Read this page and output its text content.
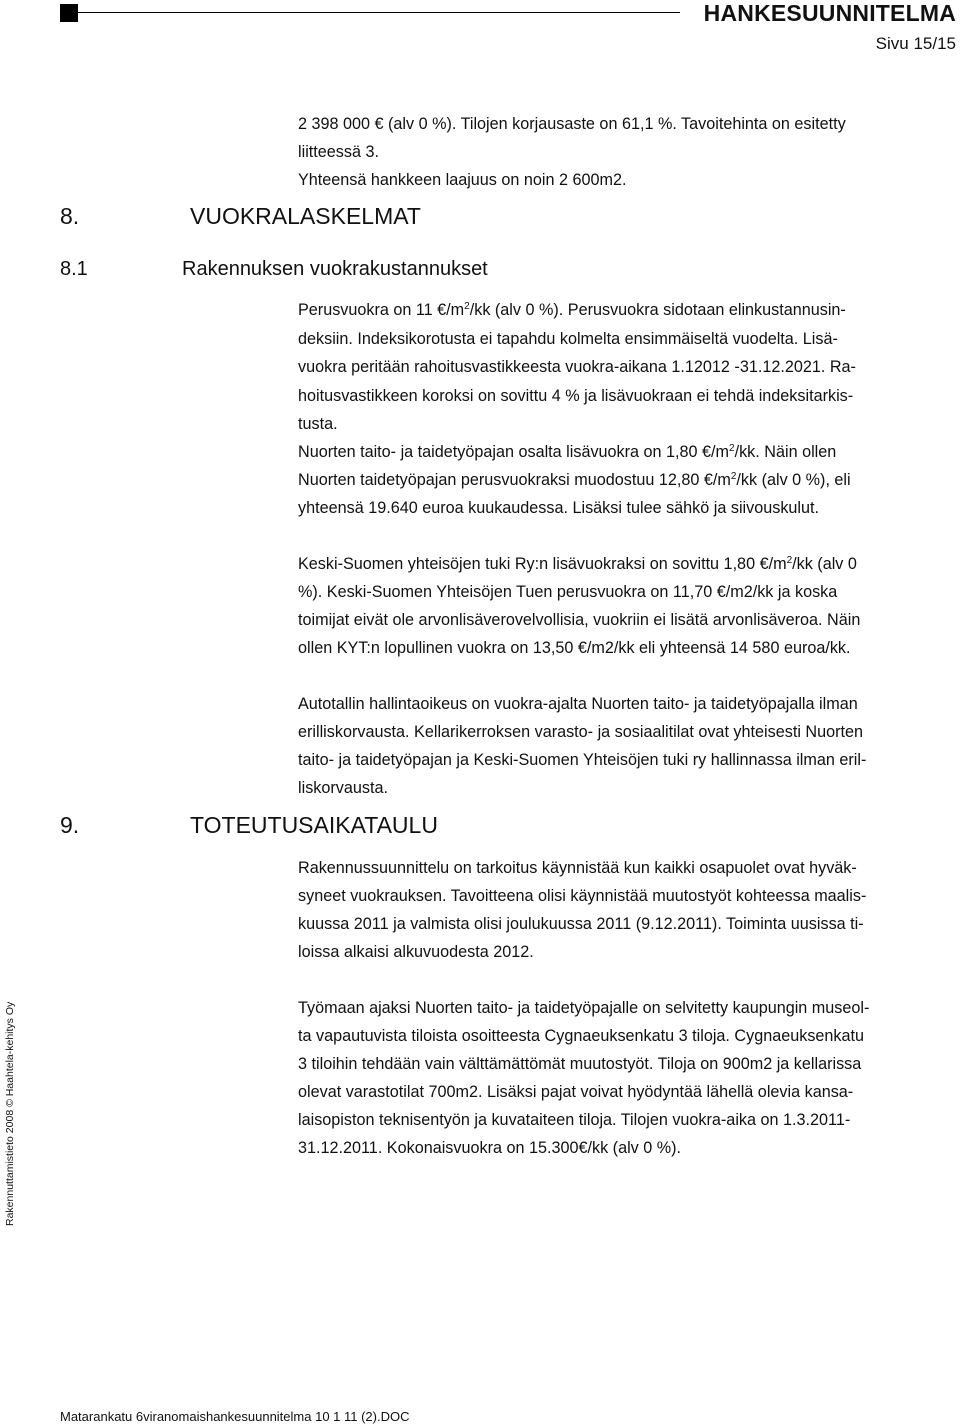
HANKESUUNNITELMA
Sivu 15/15
Rakennuttamistieto 2008 © Haahtela-kehitys Oy
2 398 000 € (alv 0 %). Tilojen korjausaste on 61,1 %. Tavoitehinta on esitetty
liitteessä 3.
Yhteensä hankkeen laajuus on noin 2 600m2.
8.	VUOKRALASKELMAT
8.1	Rakennuksen vuokrakustannukset
Perusvuokra on 11 $€/m^2/kk$ (alv 0 %). Perusvuokra sidotaan elinkustannusin-
deksiin. Indeksikorotusta ei tapahdu kolmelta ensimmäiseltä vuodelta. Lisä-
vuokra peritään rahoitusvastikkeesta vuokra-aikana 1.12012 -31.12.2021. Ra-
hoitusvastikkeen koroksi on sovittu 4 % ja lisävuokraan ei tehdä indeksitarkis-
tusta.
Nuorten taito- ja taidetyöpajan osalta lisävuokra on 1,80 $€/m^2/kk$. Näin ollen
Nuorten taidetyöpajan perusvuokraksi muodostuu 12,80 $€/m^2/kk$ (alv 0 %), eli
yhteensä 19.640 euroa kuukaudessa. Lisäksi tulee sähkö ja siivouskulut.
Keski-Suomen yhteisöjen tuki Ry:n lisävuokraksi on sovittu 1,80 $€/m^2/kk$ (alv 0
%). Keski-Suomen Yhteisöjen Tuen perusvuokra on 11,70 €/m2/kk ja koska
toimijat eivät ole arvonlisäverovelvollisia, vuokriin ei lisätä arvonlisäveroa. Näin
ollen KYT:n lopullinen vuokra on 13,50 €/m2/kk eli yhteensä 14 580 euroa/kk.
Autotallin hallintaoikeus on vuokra-ajalta Nuorten taito- ja taidetyöpajalla ilman
erilliskorvausta. Kellarikerroksen varasto- ja sosiaalitilat ovat yhteisesti Nuorten
taito- ja taidetyöpajan ja Keski-Suomen Yhteisöjen tuki ry hallinnassa ilman eril-
liskorvausta.
9.	TOTEUTUSAIKATAULU
Rakennussuunnittelu on tarkoitus käynnistää kun kaikki osapuolet ovat hyväk-
syneet vuokrauksen. Tavoitteena olisi käynnistää muutostyöt kohteessa maalis-
kuussa 2011 ja valmista olisi joulukuussa 2011 (9.12.2011). Toiminta uusissa ti-
loissa alkaisi alkuvuodesta 2012.
Työmaan ajaksi Nuorten taito- ja taidetyöpajalle on selvitetty kaupungin museol-
ta vapautuvista tiloista osoitteesta Cygnaeuksenkatu 3 tiloja. Cygnaeuksenkatu
3 tiloihin tehdään vain välttämättömät muutostyöt. Tiloja on 900m2 ja kellarissa
olevat varastotilat 700m2. Lisäksi pajat voivat hyödyntää lähellä olevia kansa-
laisopiston teknisentyön ja kuvataiteen tiloja. Tilojen vuokra-aika on 1.3.2011-
31.12.2011. Kokonaisvuokra on 15.300€/kk (alv 0 %).
Matarankatu 6viranomaishankesuunnitelma 10 1 11 (2).DOC
